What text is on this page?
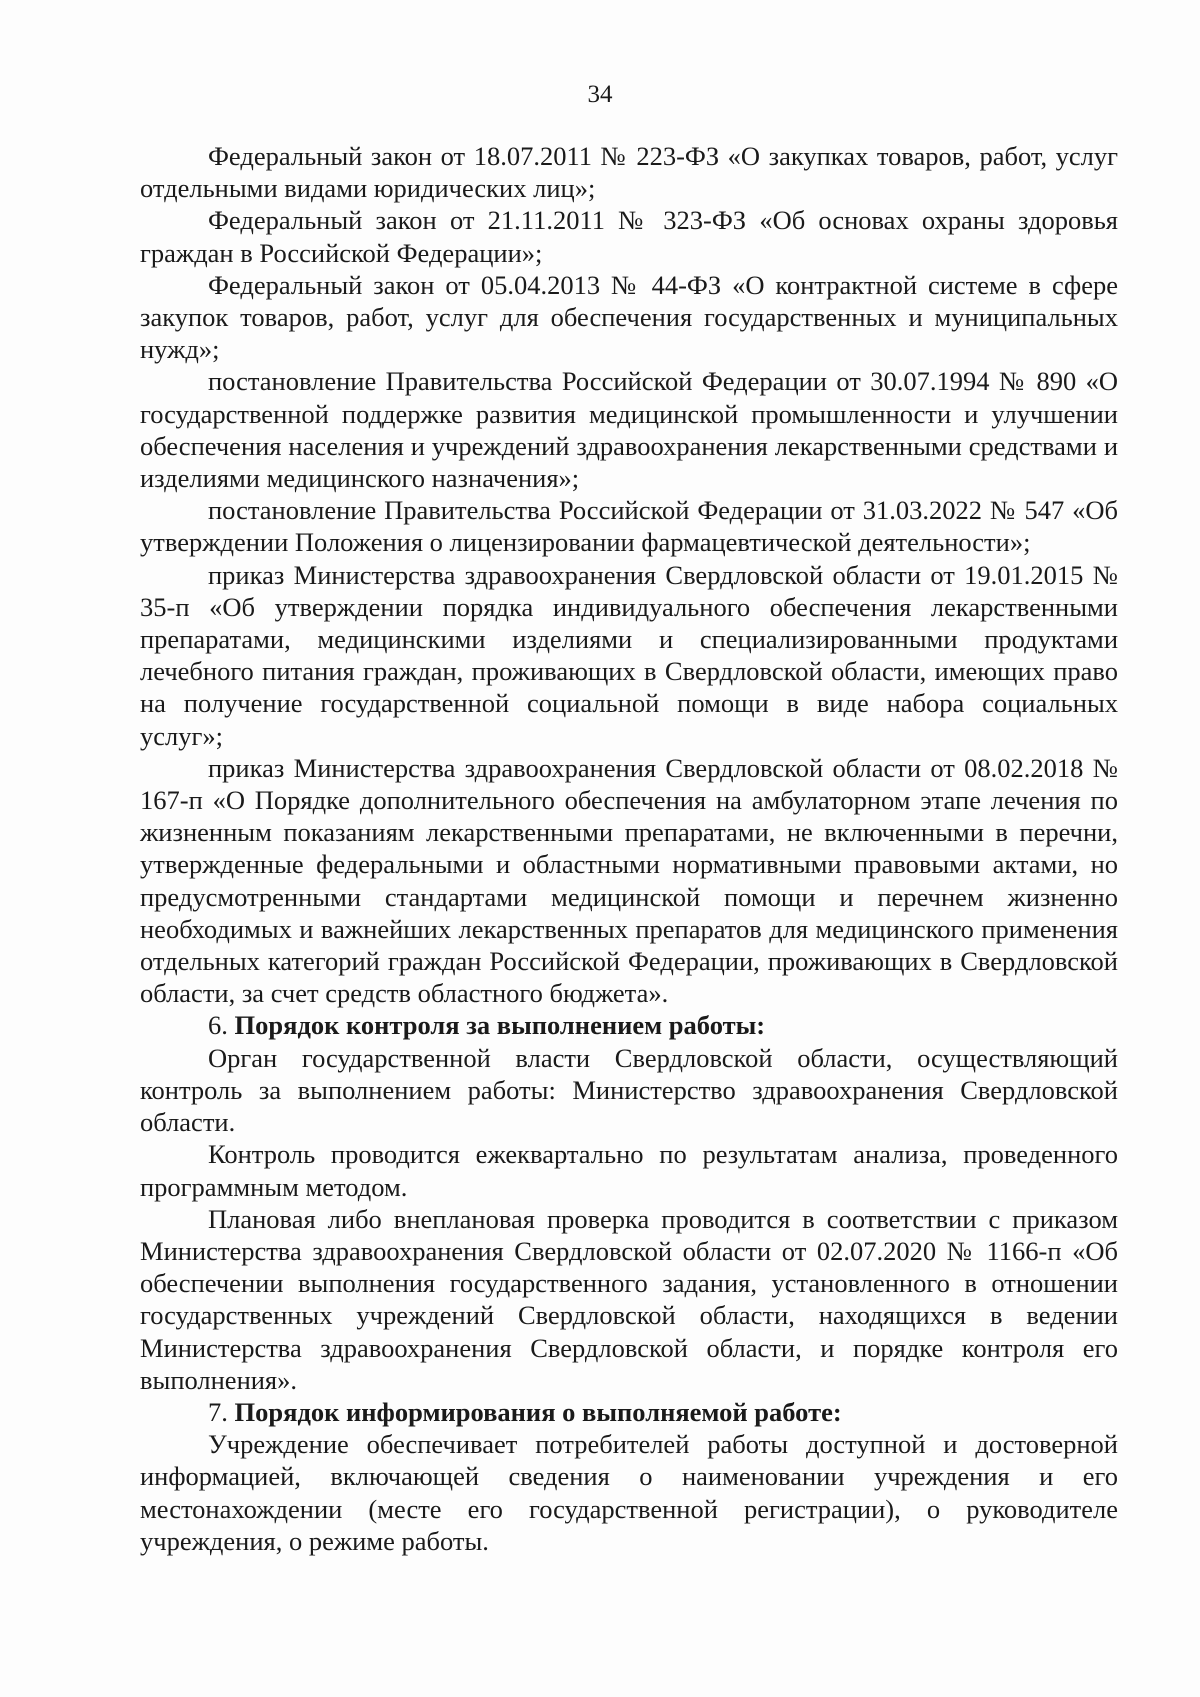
34

Федеральный закон от 18.07.2011 № 223-ФЗ «О закупках товаров, работ, услуг отдельными видами юридических лиц»;

Федеральный закон от 21.11.2011 № 323-ФЗ «Об основах охраны здоровья граждан в Российской Федерации»;

Федеральный закон от 05.04.2013 № 44-ФЗ «О контрактной системе в сфере закупок товаров, работ, услуг для обеспечения государственных и муниципальных нужд»;

постановление Правительства Российской Федерации от 30.07.1994 № 890 «О государственной поддержке развития медицинской промышленности и улучшении обеспечения населения и учреждений здравоохранения лекарственными средствами и изделиями медицинского назначения»;

постановление Правительства Российской Федерации от 31.03.2022 № 547 «Об утверждении Положения о лицензировании фармацевтической деятельности»;

приказ Министерства здравоохранения Свердловской области от 19.01.2015 № 35-п «Об утверждении порядка индивидуального обеспечения лекарственными препаратами, медицинскими изделиями и специализированными продуктами лечебного питания граждан, проживающих в Свердловской области, имеющих право на получение государственной социальной помощи в виде набора социальных услуг»;

приказ Министерства здравоохранения Свердловской области от 08.02.2018 № 167-п «О Порядке дополнительного обеспечения на амбулаторном этапе лечения по жизненным показаниям лекарственными препаратами, не включенными в перечни, утвержденные федеральными и областными нормативными правовыми актами, но предусмотренными стандартами медицинской помощи и перечнем жизненно необходимых и важнейших лекарственных препаратов для медицинского применения отдельных категорий граждан Российской Федерации, проживающих в Свердловской области, за счет средств областного бюджета».

6. Порядок контроля за выполнением работы:

Орган государственной власти Свердловской области, осуществляющий контроль за выполнением работы: Министерство здравоохранения Свердловской области.

Контроль проводится ежеквартально по результатам анализа, проведенного программным методом.

Плановая либо внеплановая проверка проводится в соответствии с приказом Министерства здравоохранения Свердловской области от 02.07.2020 № 1166-п «Об обеспечении выполнения государственного задания, установленного в отношении государственных учреждений Свердловской области, находящихся в ведении Министерства здравоохранения Свердловской области, и порядке контроля его выполнения».

7. Порядок информирования о выполняемой работе:

Учреждение обеспечивает потребителей работы доступной и достоверной информацией, включающей сведения о наименовании учреждения и его местонахождении (месте его государственной регистрации), о руководителе учреждения, о режиме работы.
